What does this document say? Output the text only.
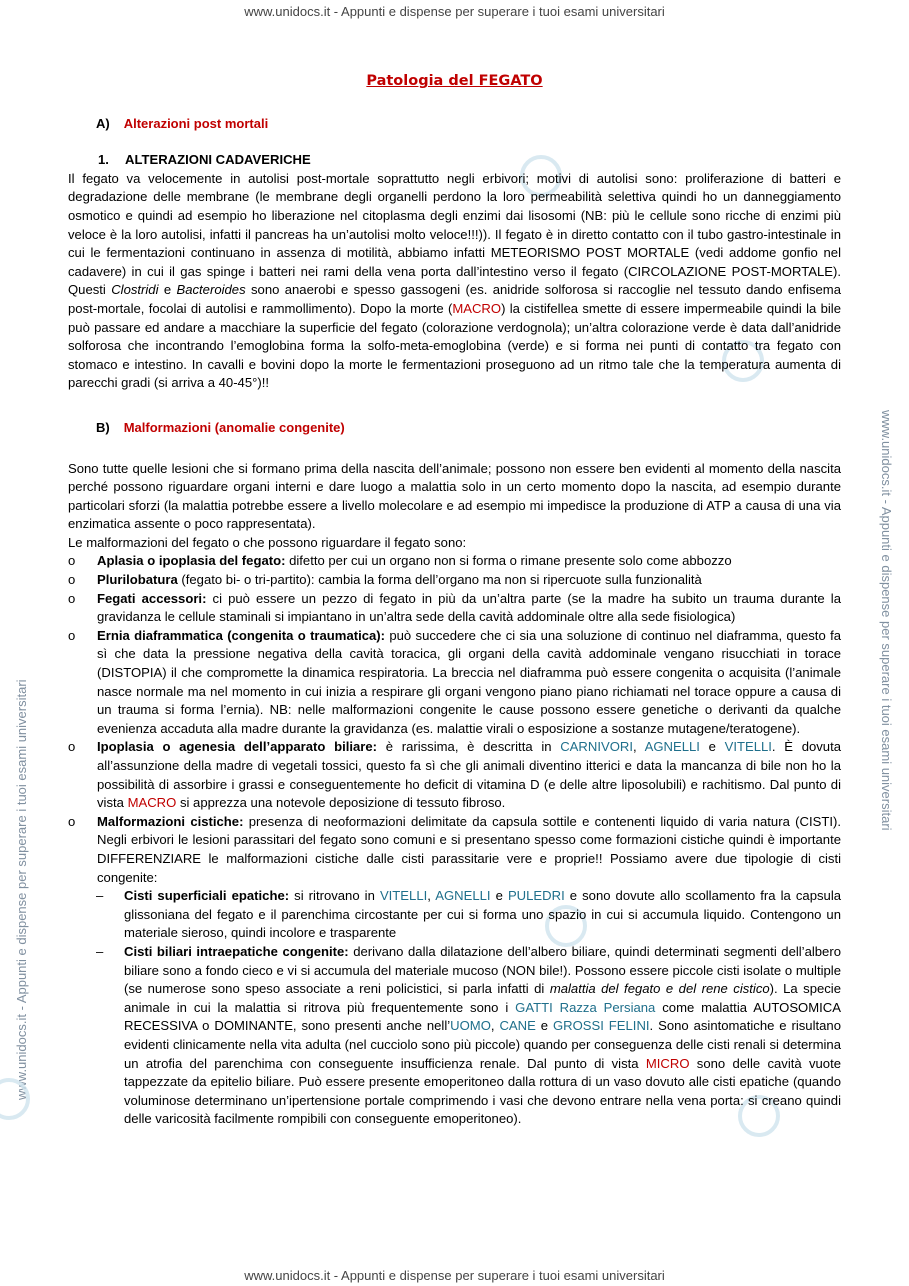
www.unidocs.it - Appunti e dispense per superare i tuoi esami universitari
www.unidocs.it - Appunti e dispense per superare i tuoi esami universitari
www.unidocs.it - Appunti e dispense per superare i tuoi esami universitari
Patologia del FEGATO
A) Alterazioni post mortali
1. ALTERAZIONI CADAVERICHE

Il fegato va velocemente in autolisi post-mortale soprattutto negli erbivori; motivi di autolisi sono: proliferazione di batteri e degradazione delle membrane (le membrane degli organelli perdono la loro permeabilità selettiva quindi ho un danneggiamento osmotico e quindi ad esempio ho liberazione nel citoplasma degli enzimi dai lisosomi (NB: più le cellule sono ricche di enzimi più veloce è la loro autolisi, infatti il pancreas ha un’autolisi molto veloce!!!)). Il fegato è in diretto contatto con il tubo gastro-intestinale in cui le fermentazioni continuano in assenza di motilità, abbiamo infatti METEORISMO POST MORTALE (vedi addome gonfio nel cadavere) in cui il gas spinge i batteri nei rami della vena porta dall’intestino verso il fegato (CIRCOLAZIONE POST-MORTALE). Questi Clostridi e Bacteroides sono anaerobi e spesso gassogeni (es. anidride solforosa si raccoglie nel tessuto dando enfisema post-mortale, focolai di autolisi e rammollimento). Dopo la morte (MACRO) la cistifellea smette di essere impermeabile quindi la bile può passare ed andare a macchiare la superficie del fegato (colorazione verdognola); un’altra colorazione verde è data dall’anidride solforosa che incontrando l’emoglobina forma la solfo-meta-emoglobina (verde) e si forma nei punti di contatto tra fegato con stomaco e intestino. In cavalli e bovini dopo la morte le fermentazioni proseguono ad un ritmo tale che la temperatura aumenta di parecchi gradi (si arriva a 40-45°)!!

B) Malformazioni (anomalie congenite)

Sono tutte quelle lesioni che si formano prima della nascita dell’animale; possono non essere ben evidenti al momento della nascita perché possono riguardare organi interni e dare luogo a malattia solo in un certo momento dopo la nascita, ad esempio durante particolari sforzi (la malattia potrebbe essere a livello molecolare e ad esempio mi impedisce la produzione di ATP a causa di una via enzimatica assente o poco rappresentata).

Le malformazioni del fegato o che possono riguardare il fegato sono:

o Aplasia o ipoplasia del fegato: difetto per cui un organo non si forma o rimane presente solo come abbozzo
o Plurilobatura (fegato bi- o tri-partito): cambia la forma dell’organo ma non si ripercuote sulla funzionalità
o Fegati accessori: ci può essere un pezzo di fegato in più da un’altra parte (se la madre ha subito un trauma durante la gravidanza le cellule staminali si impiantano in un’altra sede della cavità addominale oltre alla sede fisiologica)
o Ernia diaframmatica (congenita o traumatica): può succedere che ci sia una soluzione di continuo nel diaframma, questo fa sì che data la pressione negativa della cavità toracica, gli organi della cavità addominale vengano risucchiati in torace (DISTOPIA) il che compromette la dinamica respiratoria. La breccia nel diaframma può essere congenita o acquisita (l’animale nasce normale ma nel momento in cui inizia a respirare gli organi vengono piano piano richiamati nel torace oppure a causa di un trauma si forma l’ernia). NB: nelle malformazioni congenite le cause possono essere genetiche o derivanti da qualche evenienza accaduta alla madre durante la gravidanza (es. malattie virali o esposizione a sostanze mutagene/teratogene).
o Ipoplasia o agenesia dell’apparato biliare: è rarissima, è descritta in CARNIVORI, AGNELLI e VITELLI. È dovuta all’assunzione della madre di vegetali tossici, questo fa sì che gli animali diventino itterici e data la mancanza di bile non ho la possibilità di assorbire i grassi e conseguentemente ho deficit di vitamina D (e delle altre liposolubili) e rachitismo. Dal punto di vista MACRO si apprezza una notevole deposizione di tessuto fibroso.
o Malformazioni cistiche: presenza di neoformazioni delimitate da capsula sottile e contenenti liquido di varia natura (CISTI). Negli erbivori le lesioni parassitari del fegato sono comuni e si presentano spesso come formazioni cistiche quindi è importante DIFFERENZIARE le malformazioni cistiche dalle cisti parassitarie vere e proprie!! Possiamo avere due tipologie di cisti congenite:
– Cisti superficiali epatiche: si ritrovano in VITELLI, AGNELLI e PULEDRI e sono dovute allo scollamento fra la capsula glissoniana del fegato e il parenchima circostante per cui si forma uno spazio in cui si accumula liquido. Contengono un materiale sieroso, quindi incolore e trasparente
– Cisti biliari intraepatiche congenite: derivano dalla dilatazione dell’albero biliare, quindi determinati segmenti dell’albero biliare sono a fondo cieco e vi si accumula del materiale mucoso (NON bile!). Possono essere piccole cisti isolate o multiple (se numerose sono speso associate a reni policistici, si parla infatti di malattia del fegato e del rene cistico). La specie animale in cui la malattia si ritrova più frequentemente sono i GATTI Razza Persiana come malattia AUTOSOMICA RECESSIVA o DOMINANTE, sono presenti anche nell’UOMO, CANE e GROSSI FELINI. Sono asintomatiche e risultano evidenti clinicamente nella vita adulta (nel cucciolo sono più piccole) quando per conseguenza delle cisti renali si determina un atrofia del parenchima con conseguente insufficienza renale. Dal punto di vista MICRO sono delle cavità vuote tappezzate da epitelio biliare. Può essere presente emoperitoneo dalla rottura di un vaso dovuto alle cisti epatiche (quando voluminose determinano un’ipertensione portale comprimendo i vasi che devono entrare nella vena porta: si creano quindi delle varicosità facilmente rompibili con conseguente emoperitoneo).
www.unidocs.it - Appunti e dispense per superare i tuoi esami universitari
